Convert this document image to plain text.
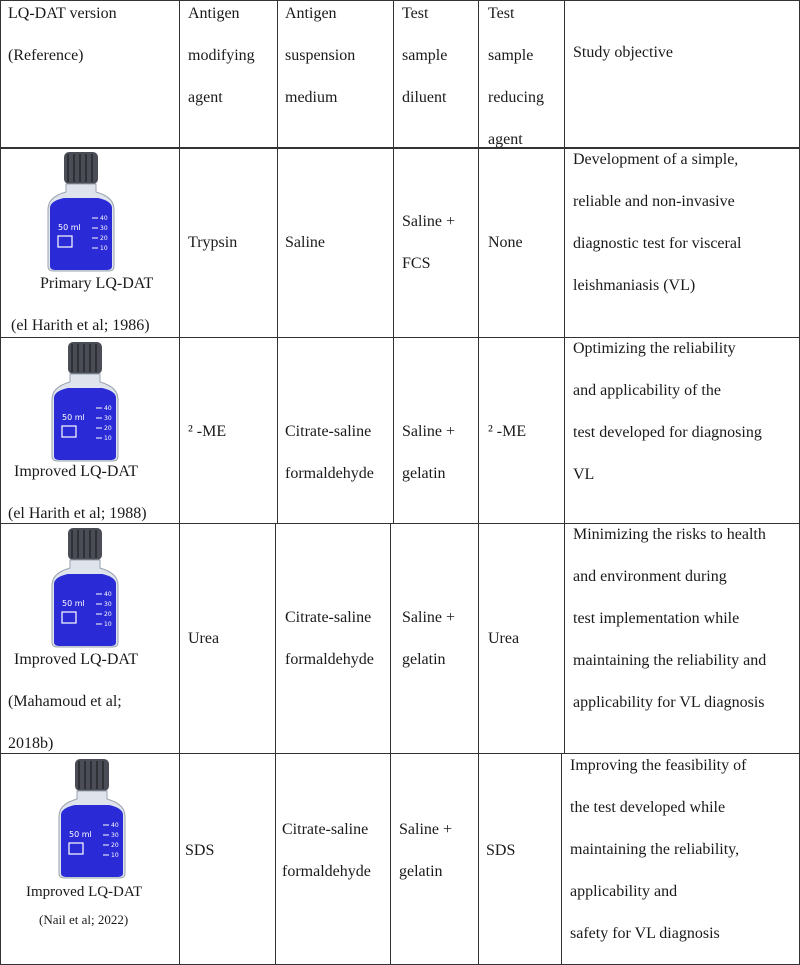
LQ-DAT version
(Reference)
Antigen
modifying
agent
Antigen
suspension
medium
Test
sample
diluent
Test
sample
reducing
agent
Study objective
50 ml
40
30
20
10
Primary LQ-DAT
(el Harith et al; 1986)
Trypsin	Saline
Saline +
FCS
None
Development of a simple,
reliable and non-invasive
diagnostic test for visceral
leishmaniasis (VL)
50 ml
40
30
20
10
Improved LQ-DAT
(el Harith et al; 1988)
² -ME	Citrate-saline
formaldehyde
Saline +
gelatin
² -ME
Optimizing the reliability
and applicability of the
test developed for diagnosing
VL
50 ml
40
30
20
10
Improved LQ-DAT
(Mahamoud et al;
2018b)
Urea
Citrate-saline
formaldehyde
Saline +
gelatin
Urea
Minimizing the risks to health
and environment during
test implementation while
maintaining the reliability and
applicability for VL diagnosis
50 ml
40
30
20
10
Improved LQ-DAT
(Nail et al; 2022)
SDS
Citrate-saline
formaldehyde
Saline +
gelatin
SDS
Improving the feasibility of
the test developed while
maintaining the reliability,
applicability and
safety for VL diagnosis
